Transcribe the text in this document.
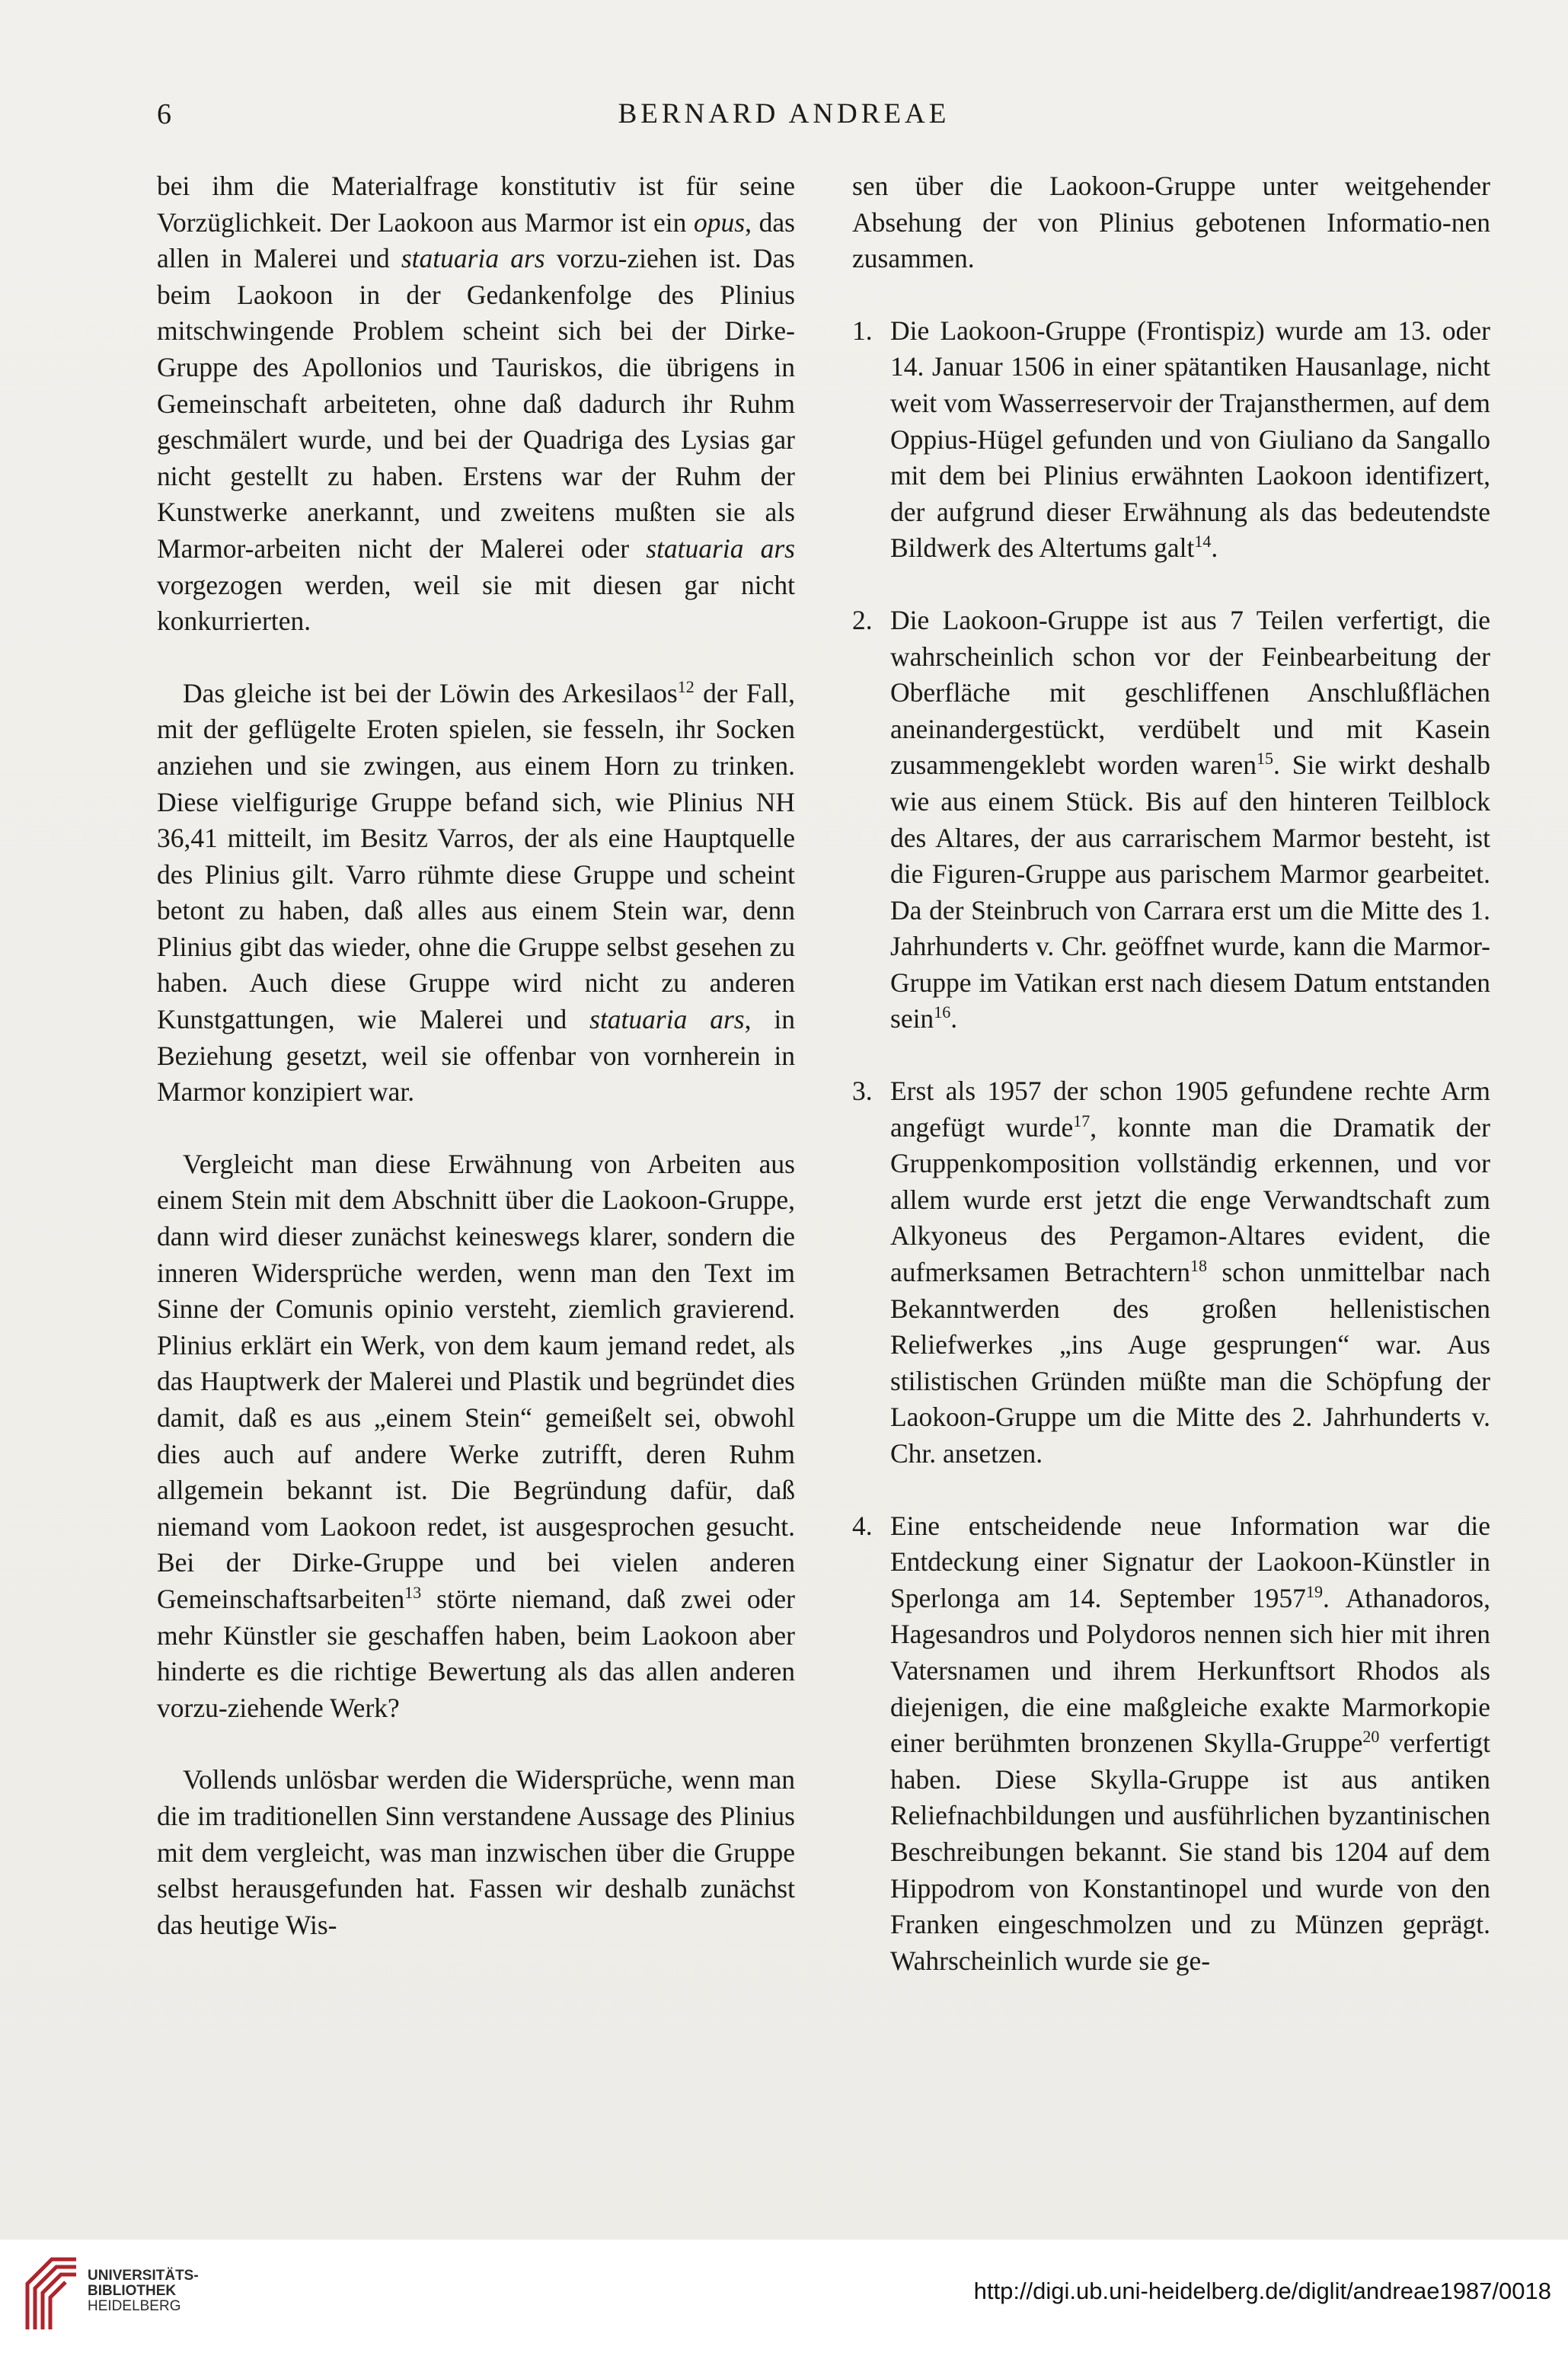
6	BERNARD ANDREAE

bei ihm die Materialfrage konstitutiv ist für seine Vorzüglichkeit. Der Laokoon aus Marmor ist ein opus, das allen in Malerei und statuaria ars vorzu-ziehen ist. Das beim Laokoon in der Gedankenfolge des Plinius mitschwingende Problem scheint sich bei der Dirke-Gruppe des Apollonios und Tauriskos, die übrigens in Gemeinschaft arbeiteten, ohne daß dadurch ihr Ruhm geschmälert wurde, und bei der Quadriga des Lysias gar nicht gestellt zu haben. Erstens war der Ruhm der Kunstwerke anerkannt, und zweitens mußten sie als Marmor-arbeiten nicht der Malerei oder statuaria ars vorgezogen werden, weil sie mit diesen gar nicht konkurrierten.

Das gleiche ist bei der Löwin des Arkesilaos$^{12}$ der Fall, mit der geflügelte Eroten spielen, sie fesseln, ihr Socken anziehen und sie zwingen, aus einem Horn zu trinken. Diese vielfigurige Gruppe befand sich, wie Plinius NH 36,41 mitteilt, im Besitz Varros, der als eine Hauptquelle des Plinius gilt. Varro rühmte diese Gruppe und scheint betont zu haben, daß alles aus einem Stein war, denn Plinius gibt das wieder, ohne die Gruppe selbst gesehen zu haben. Auch diese Gruppe wird nicht zu anderen Kunstgattungen, wie Malerei und statuaria ars, in Beziehung gesetzt, weil sie offenbar von vornherein in Marmor konzipiert war.

Vergleicht man diese Erwähnung von Arbeiten aus einem Stein mit dem Abschnitt über die Laokoon-Gruppe, dann wird dieser zunächst keineswegs klarer, sondern die inneren Widersprüche werden, wenn man den Text im Sinne der Comunis opinio versteht, ziemlich gravierend. Plinius erklärt ein Werk, von dem kaum jemand redet, als das Hauptwerk der Malerei und Plastik und begründet dies damit, daß es aus „einem Stein“ gemeißelt sei, obwohl dies auch auf andere Werke zutrifft, deren Ruhm allgemein bekannt ist. Die Begründung dafür, daß niemand vom Laokoon redet, ist ausgesprochen gesucht. Bei der Dirke-Gruppe und bei vielen anderen Gemeinschaftsarbeiten$^{13}$ störte niemand, daß zwei oder mehr Künstler sie geschaffen haben, beim Laokoon aber hinderte es die richtige Bewertung als das allen anderen vorzu-ziehende Werk?

Vollends unlösbar werden die Widersprüche, wenn man die im traditionellen Sinn verstandene Aussage des Plinius mit dem vergleicht, was man inzwischen über die Gruppe selbst herausgefunden hat. Fassen wir deshalb zunächst das heutige Wis-

sen über die Laokoon-Gruppe unter weitgehender Absehung der von Plinius gebotenen Informatio-nen zusammen.

1. Die Laokoon-Gruppe (Frontispiz) wurde am 13. oder 14. Januar 1506 in einer spätantiken Hausanlage, nicht weit vom Wasserreservoir der Trajansthermen, auf dem Oppius-Hügel gefunden und von Giuliano da Sangallo mit dem bei Plinius erwähnten Laokoon identifizert, der aufgrund dieser Erwähnung als das bedeutendste Bildwerk des Altertums galt$^{14}$.

2. Die Laokoon-Gruppe ist aus 7 Teilen verfertigt, die wahrscheinlich schon vor der Feinbearbeitung der Oberfläche mit geschliffenen Anschlußflächen aneinandergestückt, verdübelt und mit Kasein zusammengeklebt worden waren$^{15}$. Sie wirkt deshalb wie aus einem Stück. Bis auf den hinteren Teilblock des Altares, der aus carrarischem Marmor besteht, ist die Figuren-Gruppe aus parischem Marmor gearbeitet. Da der Steinbruch von Carrara erst um die Mitte des 1. Jahrhunderts v. Chr. geöffnet wurde, kann die Marmor-Gruppe im Vatikan erst nach diesem Datum entstanden sein$^{16}$.

3. Erst als 1957 der schon 1905 gefundene rechte Arm angefügt wurde$^{17}$, konnte man die Dramatik der Gruppenkomposition vollständig erkennen, und vor allem wurde erst jetzt die enge Verwandtschaft zum Alkyoneus des Pergamon-Altares evident, die aufmerksamen Betrachtern$^{18}$ schon unmittelbar nach Bekanntwerden des großen hellenistischen Reliefwerkes „ins Auge gesprungen“ war. Aus stilistischen Gründen müßte man die Schöpfung der Laokoon-Gruppe um die Mitte des 2. Jahrhunderts v. Chr. ansetzen.

4. Eine entscheidende neue Information war die Entdeckung einer Signatur der Laokoon-Künstler in Sperlonga am 14. September 1957$^{19}$. Athanadoros, Hagesandros und Polydoros nennen sich hier mit ihren Vatersnamen und ihrem Herkunftsort Rhodos als diejenigen, die eine maßgleiche exakte Marmorkopie einer berühmten bronzenen Skylla-Gruppe$^{20}$ verfertigt haben. Diese Skylla-Gruppe ist aus antiken Reliefnachbildungen und ausführlichen byzantinischen Beschreibungen bekannt. Sie stand bis 1204 auf dem Hippodrom von Konstantinopel und wurde von den Franken eingeschmolzen und zu Münzen geprägt. Wahrscheinlich wurde sie ge-

UNIVERSITÄTS-
BIBLIOTHEK
HEIDELBERG
http://digi.ub.uni-heidelberg.de/diglit/andreae1987/0018
